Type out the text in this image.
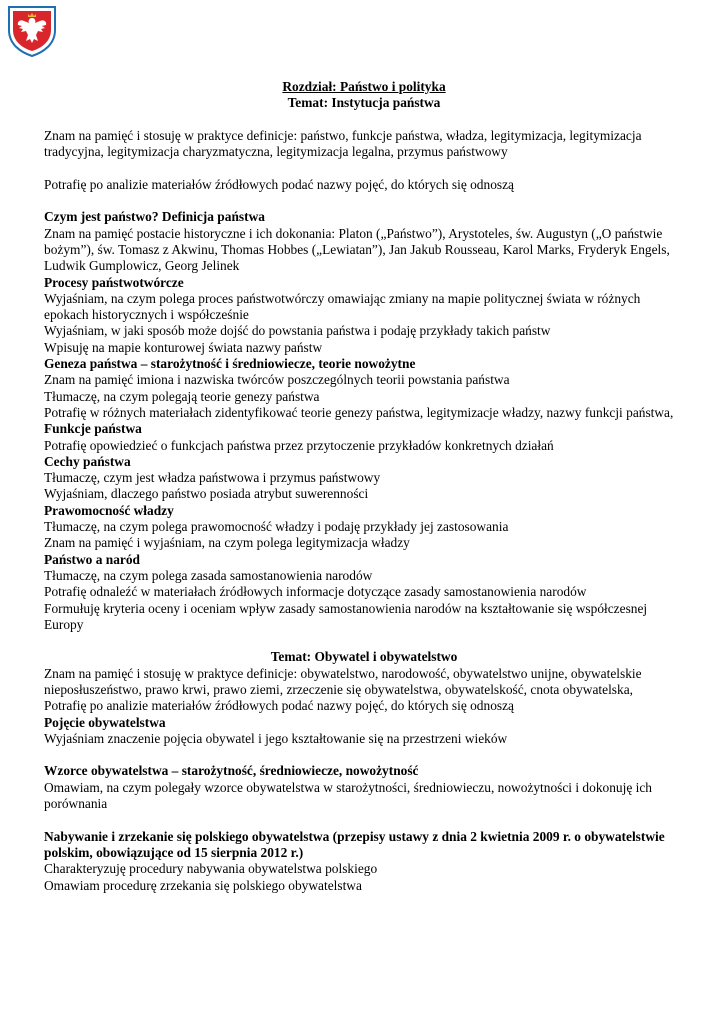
Rozdział: Państwo i polityka

Temat: Instytucja państwa

Znam na pamięć i stosuję w praktyce definicje: państwo, funkcje państwa, władza, legitymizacja, legitymizacja tradycyjna, legitymizacja charyzmatyczna, legitymizacja legalna, przymus państwowy

Potrafię po analizie materiałów źródłowych podać nazwy pojęć, do których się odnoszą

Czym jest państwo? Definicja państwa

Znam na pamięć postacie historyczne i ich dokonania: Platon („Państwo”), Arystoteles, św. Augustyn („O państwie bożym”), św. Tomasz z Akwinu, Thomas Hobbes („Lewiatan”), Jan Jakub Rousseau, Karol Marks, Fryderyk Engels, Ludwik Gumplowicz, Georg Jelinek

Procesy państwotwórcze

Wyjaśniam, na czym polega proces państwotwórczy omawiając zmiany na mapie politycznej świata w różnych epokach historycznych i współcześnie

Wyjaśniam, w jaki sposób może dojść do powstania państwa i podaję przykłady takich państw

Wpisuję na mapie konturowej świata nazwy państw

Geneza państwa – starożytność i średniowiecze, teorie nowożytne

Znam na pamięć imiona i nazwiska twórców poszczególnych teorii powstania państwa

Tłumaczę, na czym polegają teorie genezy państwa

Potrafię w różnych materiałach zidentyfikować teorie genezy państwa, legitymizacje władzy, nazwy funkcji państwa,

Funkcje państwa

Potrafię opowiedzieć o funkcjach państwa przez przytoczenie przykładów konkretnych działań

Cechy państwa

Tłumaczę, czym jest władza państwowa i przymus państwowy

Wyjaśniam, dlaczego państwo posiada atrybut suwerenności

Prawomocność władzy

Tłumaczę, na czym polega prawomocność władzy i podaję przykłady jej zastosowania

Znam na pamięć i wyjaśniam, na czym polega legitymizacja władzy

Państwo a naród

Tłumaczę, na czym polega zasada samostanowienia narodów

Potrafię odnaleźć w materiałach źródłowych informacje dotyczące zasady samostanowienia narodów

Formułuję kryteria oceny i oceniam wpływ zasady samostanowienia narodów na kształtowanie się współczesnej Europy

Temat: Obywatel i obywatelstwo

Znam na pamięć i stosuję w praktyce definicje: obywatelstwo, narodowość, obywatelstwo unijne, obywatelskie nieposłuszeństwo, prawo krwi, prawo ziemi, zrzeczenie się obywatelstwa, obywatelskość, cnota obywatelska,

Potrafię po analizie materiałów źródłowych podać nazwy pojęć, do których się odnoszą

Pojęcie obywatelstwa

Wyjaśniam znaczenie pojęcia obywatel i jego kształtowanie się na przestrzeni wieków

Wzorce obywatelstwa – starożytność, średniowiecze, nowożytność

Omawiam, na czym polegały wzorce obywatelstwa w starożytności, średniowieczu, nowożytności i dokonuję ich porównania

Nabywanie i zrzekanie się polskiego obywatelstwa (przepisy ustawy z dnia 2 kwietnia 2009 r. o obywatelstwie polskim, obowiązujące od 15 sierpnia 2012 r.)

Charakteryzuję procedury nabywania obywatelstwa polskiego

Omawiam procedurę zrzekania się polskiego obywatelstwa
